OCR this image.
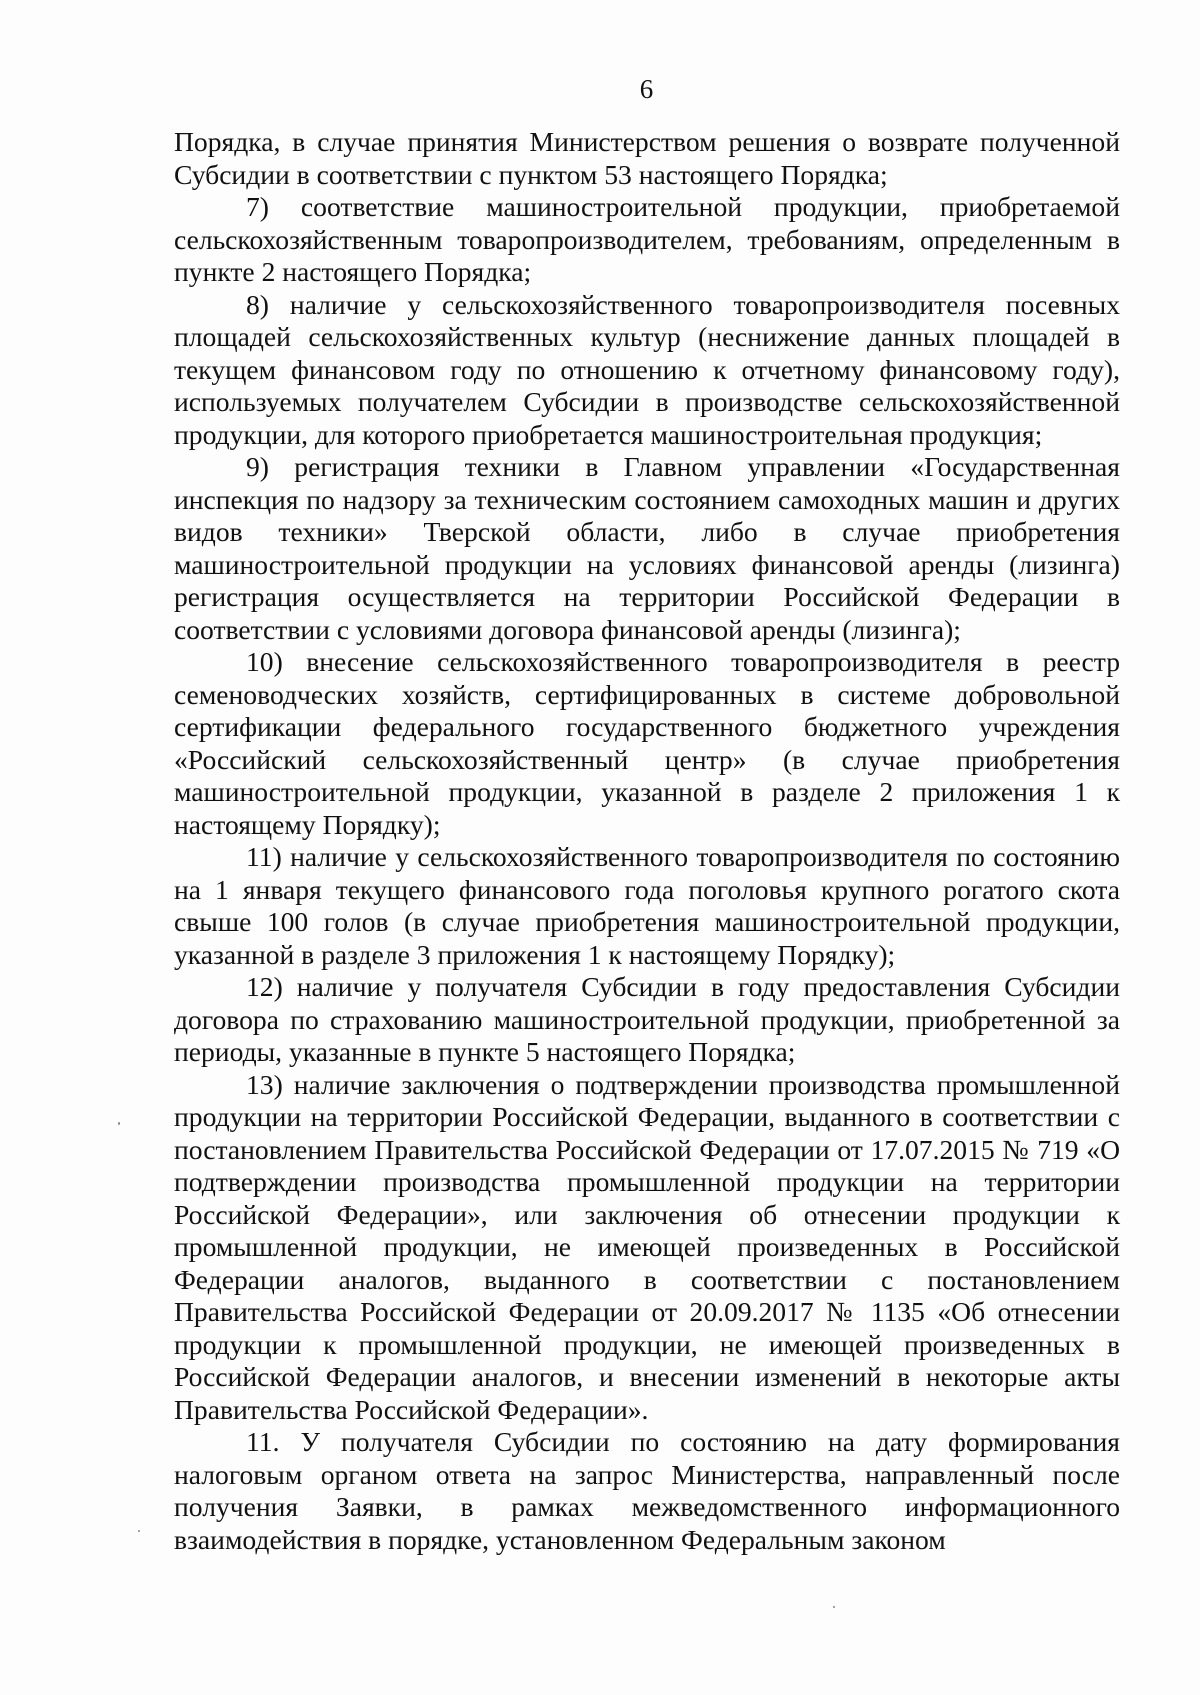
6

Порядка, в случае принятия Министерством решения о возврате полученной Субсидии в соответствии с пунктом 53 настоящего Порядка;

7) соответствие машиностроительной продукции, приобретаемой сельскохозяйственным товаропроизводителем, требованиям, определенным в пункте 2 настоящего Порядка;

8) наличие у сельскохозяйственного товаропроизводителя посевных площадей сельскохозяйственных культур (неснижение данных площадей в текущем финансовом году по отношению к отчетному финансовому году), используемых получателем Субсидии в производстве сельскохозяйственной продукции, для которого приобретается машиностроительная продукция;

9) регистрация техники в Главном управлении «Государственная инспекция по надзору за техническим состоянием самоходных машин и других видов техники» Тверской области, либо в случае приобретения машиностроительной продукции на условиях финансовой аренды (лизинга) регистрация осуществляется на территории Российской Федерации в соответствии с условиями договора финансовой аренды (лизинга);

10) внесение сельскохозяйственного товаропроизводителя в реестр семеноводческих хозяйств, сертифицированных в системе добровольной сертификации федерального государственного бюджетного учреждения «Российский сельскохозяйственный центр» (в случае приобретения машиностроительной продукции, указанной в разделе 2 приложения 1 к настоящему Порядку);

11) наличие у сельскохозяйственного товаропроизводителя по состоянию на 1 января текущего финансового года поголовья крупного рогатого скота свыше 100 голов (в случае приобретения машиностроительной продукции, указанной в разделе 3 приложения 1 к настоящему Порядку);

12) наличие у получателя Субсидии в году предоставления Субсидии договора по страхованию машиностроительной продукции, приобретенной за периоды, указанные в пункте 5 настоящего Порядка;

13) наличие заключения о подтверждении производства промышленной продукции на территории Российской Федерации, выданного в соответствии с постановлением Правительства Российской Федерации от 17.07.2015 № 719 «О подтверждении производства промышленной продукции на территории Российской Федерации», или заключения об отнесении продукции к промышленной продукции, не имеющей произведенных в Российской Федерации аналогов, выданного в соответствии с постановлением Правительства Российской Федерации от 20.09.2017 № 1135 «Об отнесении продукции к промышленной продукции, не имеющей произведенных в Российской Федерации аналогов, и внесении изменений в некоторые акты Правительства Российской Федерации».

11. У получателя Субсидии по состоянию на дату формирования налоговым органом ответа на запрос Министерства, направленный после получения Заявки, в рамках межведомственного информационного взаимодействия в порядке, установленном Федеральным законом
